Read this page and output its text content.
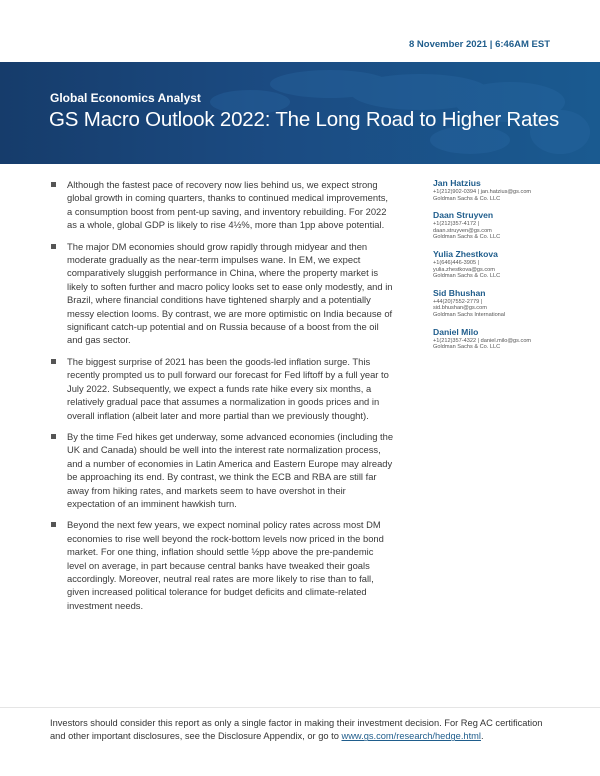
8 November 2021 | 6:46AM EST
Global Economics Analyst
GS Macro Outlook 2022: The Long Road to Higher Rates
Although the fastest pace of recovery now lies behind us, we expect strong global growth in coming quarters, thanks to continued medical improvements, a consumption boost from pent-up saving, and inventory rebuilding. For 2022 as a whole, global GDP is likely to rise 4½%, more than 1pp above potential.
The major DM economies should grow rapidly through midyear and then moderate gradually as the near-term impulses wane. In EM, we expect comparatively sluggish performance in China, where the property market is likely to soften further and macro policy looks set to ease only modestly, and in Brazil, where financial conditions have tightened sharply and a potentially messy election looms. By contrast, we are more optimistic on India because of significant catch-up potential and on Russia because of a boost from the oil and gas sector.
The biggest surprise of 2021 has been the goods-led inflation surge. This recently prompted us to pull forward our forecast for Fed liftoff by a full year to July 2022. Subsequently, we expect a funds rate hike every six months, a relatively gradual pace that assumes a normalization in goods prices and in overall inflation (albeit later and more partial than we previously thought).
By the time Fed hikes get underway, some advanced economies (including the UK and Canada) should be well into the interest rate normalization process, and a number of economies in Latin America and Eastern Europe may already be approaching its end. By contrast, we think the ECB and RBA are still far away from hiking rates, and markets seem to have overshot in their expectation of an imminent hawkish turn.
Beyond the next few years, we expect nominal policy rates across most DM economies to rise well beyond the rock-bottom levels now priced in the bond market. For one thing, inflation should settle ½pp above the pre-pandemic level on average, in part because central banks have tweaked their goals accordingly. Moreover, neutral real rates are more likely to rise than to fall, given increased political tolerance for budget deficits and climate-related investment needs.
Jan Hatzius
+1(212)902-0394 | jan.hatzius@gs.com
Goldman Sachs & Co. LLC
Daan Struyven
+1(212)357-4172 |
daan.struyven@gs.com
Goldman Sachs & Co. LLC
Yulia Zhestkova
+1(646)446-3905 |
yulia.zhestkova@gs.com
Goldman Sachs & Co. LLC
Sid Bhushan
+44(20)7552-2779 |
sid.bhushan@gs.com
Goldman Sachs International
Daniel Milo
+1(212)357-4322 | daniel.milo@gs.com
Goldman Sachs & Co. LLC
Investors should consider this report as only a single factor in making their investment decision. For Reg AC certification and other important disclosures, see the Disclosure Appendix, or go to www.gs.com/research/hedge.html.
